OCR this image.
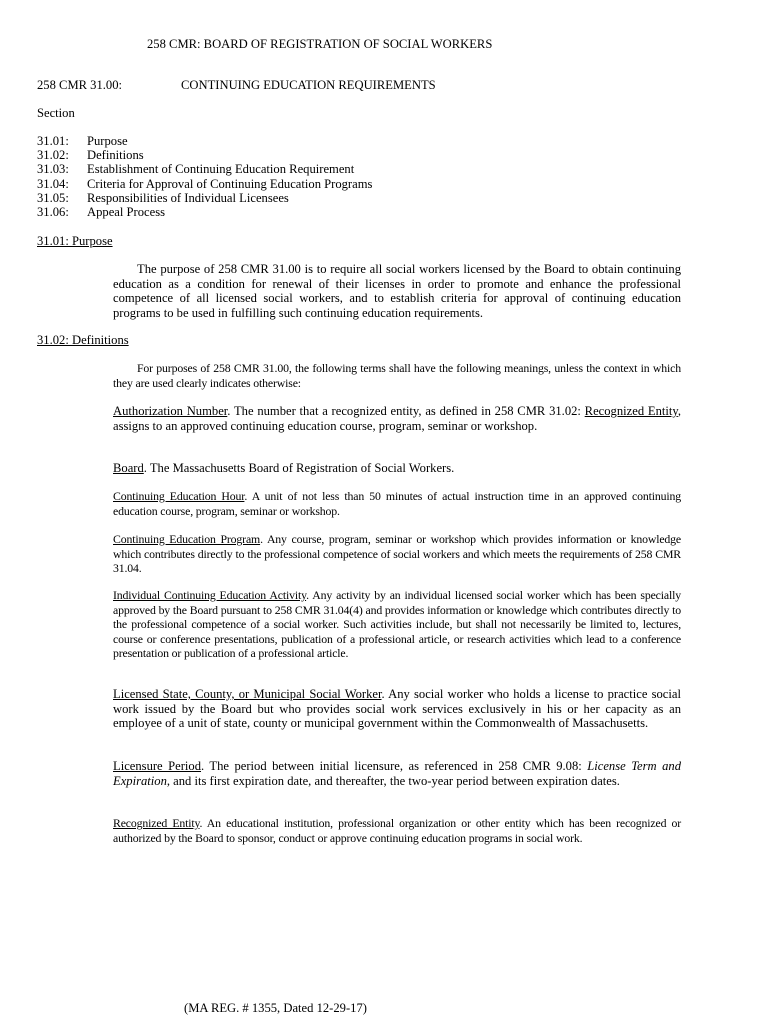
258 CMR: BOARD OF REGISTRATION OF SOCIAL WORKERS
258 CMR 31.00:	CONTINUING EDUCATION REQUIREMENTS
Section
31.01: Purpose
31.02: Definitions
31.03: Establishment of Continuing Education Requirement
31.04: Criteria for Approval of Continuing Education Programs
31.05: Responsibilities of Individual Licensees
31.06: Appeal Process
31.01: Purpose
The purpose of 258 CMR 31.00 is to require all social workers licensed by the Board to obtain continuing education as a condition for renewal of their licenses in order to promote and enhance the professional competence of all licensed social workers, and to establish criteria for approval of continuing education programs to be used in fulfilling such continuing education requirements.
31.02: Definitions
For purposes of 258 CMR 31.00, the following terms shall have the following meanings, unless the context in which they are used clearly indicates otherwise:
Authorization Number. The number that a recognized entity, as defined in 258 CMR 31.02: Recognized Entity, assigns to an approved continuing education course, program, seminar or workshop.
Board. The Massachusetts Board of Registration of Social Workers.
Continuing Education Hour. A unit of not less than 50 minutes of actual instruction time in an approved continuing education course, program, seminar or workshop.
Continuing Education Program. Any course, program, seminar or workshop which provides information or knowledge which contributes directly to the professional competence of social workers and which meets the requirements of 258 CMR 31.04.
Individual Continuing Education Activity. Any activity by an individual licensed social worker which has been specially approved by the Board pursuant to 258 CMR 31.04(4) and provides information or knowledge which contributes directly to the professional competence of a social worker. Such activities include, but shall not necessarily be limited to, lectures, course or conference presentations, publication of a professional article, or research activities which lead to a conference presentation or publication of a professional article.
Licensed State, County, or Municipal Social Worker. Any social worker who holds a license to practice social work issued by the Board but who provides social work services exclusively in his or her capacity as an employee of a unit of state, county or municipal government within the Commonwealth of Massachusetts.
Licensure Period. The period between initial licensure, as referenced in 258 CMR 9.08: License Term and Expiration, and its first expiration date, and thereafter, the two-year period between expiration dates.
Recognized Entity. An educational institution, professional organization or other entity which has been recognized or authorized by the Board to sponsor, conduct or approve continuing education programs in social work.
(MA REG. # 1355, Dated 12-29-17)
